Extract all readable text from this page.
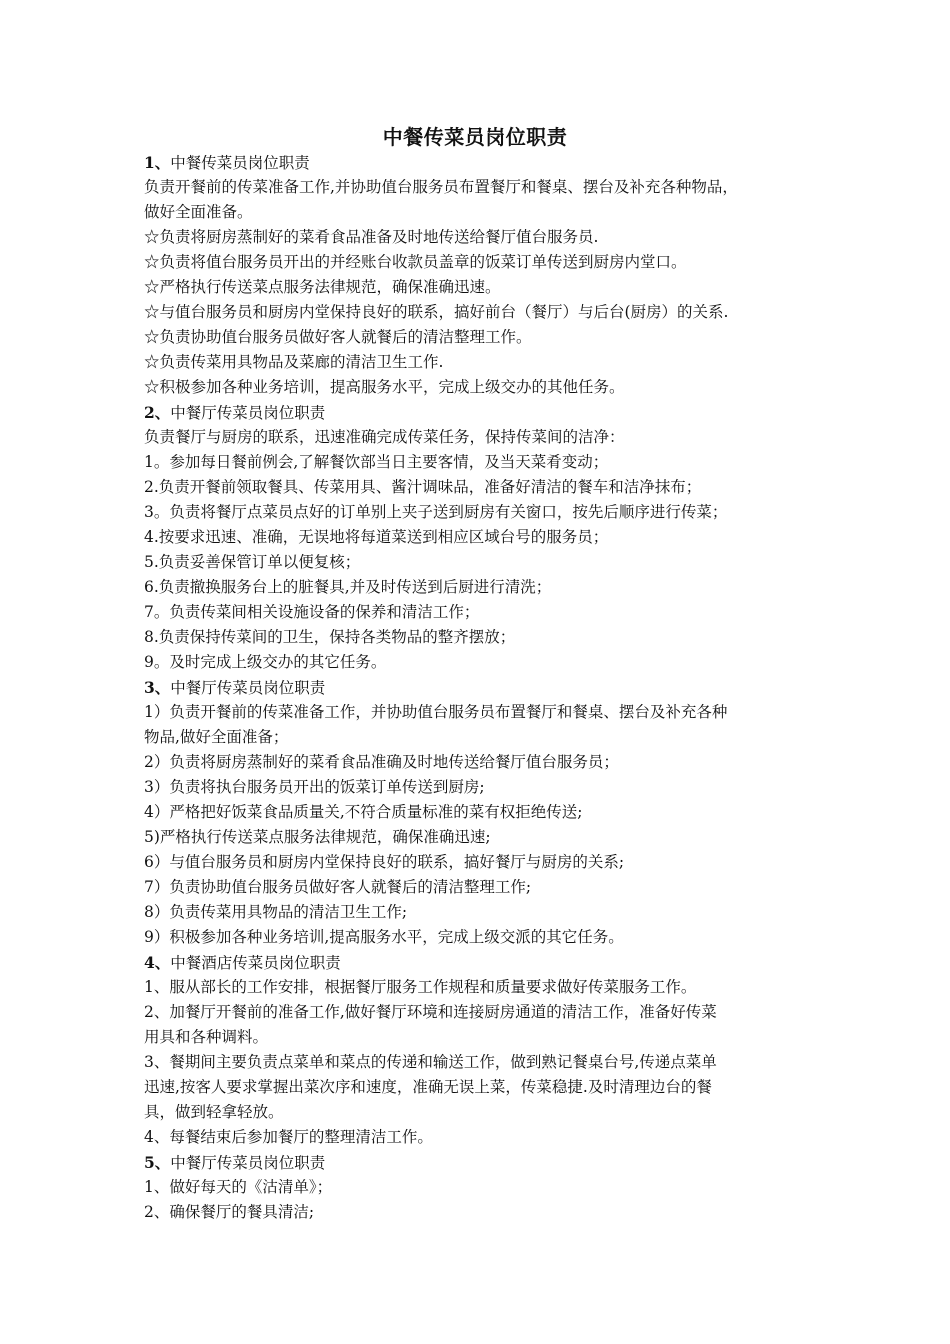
中餐传菜员岗位职责
1、中餐传菜员岗位职责
负责开餐前的传菜准备工作,并协助值台服务员布置餐厅和餐桌、摆台及补充各种物品，
做好全面准备。
☆负责将厨房蒸制好的菜肴食品准备及时地传送给餐厅值台服务员.
☆负责将值台服务员开出的并经账台收款员盖章的饭菜订单传送到厨房内堂口。
☆严格执行传送菜点服务法律规范，确保准确迅速。
☆与值台服务员和厨房内堂保持良好的联系，搞好前台（餐厅）与后台(厨房）的关系.
☆负责协助值台服务员做好客人就餐后的清洁整理工作。
☆负责传菜用具物品及菜廊的清洁卫生工作.
☆积极参加各种业务培训，提高服务水平，完成上级交办的其他任务。
2、中餐厅传菜员岗位职责
负责餐厅与厨房的联系，迅速准确完成传菜任务，保持传菜间的洁净：
1。参加每日餐前例会,了解餐饮部当日主要客情，及当天菜肴变动；
2.负责开餐前领取餐具、传菜用具、酱汁调味品，准备好清洁的餐车和洁净抹布；
3。负责将餐厅点菜员点好的订单别上夹子送到厨房有关窗口，按先后顺序进行传菜；
4.按要求迅速、准确，无误地将每道菜送到相应区域台号的服务员；
5.负责妥善保管订单以便复核；
6.负责撤换服务台上的脏餐具,并及时传送到后厨进行清洗；
7。负责传菜间相关设施设备的保养和清洁工作；
8.负责保持传菜间的卫生，保持各类物品的整齐摆放；
9。及时完成上级交办的其它任务。
3、中餐厅传菜员岗位职责
1）负责开餐前的传菜准备工作，并协助值台服务员布置餐厅和餐桌、摆台及补充各种
物品,做好全面准备；
2）负责将厨房蒸制好的菜肴食品准确及时地传送给餐厅值台服务员；
3）负责将执台服务员开出的饭菜订单传送到厨房;
4）严格把好饭菜食品质量关,不符合质量标准的菜有权拒绝传送;
5)严格执行传送菜点服务法律规范，确保准确迅速;
6）与值台服务员和厨房内堂保持良好的联系，搞好餐厅与厨房的关系;
7）负责协助值台服务员做好客人就餐后的清洁整理工作;
8）负责传菜用具物品的清洁卫生工作;
9）积极参加各种业务培训,提高服务水平，完成上级交派的其它任务。
4、中餐酒店传菜员岗位职责
1、服从部长的工作安排，根据餐厅服务工作规程和质量要求做好传菜服务工作。
2、加餐厅开餐前的准备工作,做好餐厅环境和连接厨房通道的清洁工作，准备好传菜
用具和各种调料。
3、餐期间主要负责点菜单和菜点的传递和输送工作，做到熟记餐桌台号,传递点菜单
迅速,按客人要求掌握出菜次序和速度，准确无误上菜，传菜稳捷.及时清理边台的餐
具，做到轻拿轻放。
4、每餐结束后参加餐厅的整理清洁工作。
5、中餐厅传菜员岗位职责
1、做好每天的《沽清单》；
2、确保餐厅的餐具清洁;
